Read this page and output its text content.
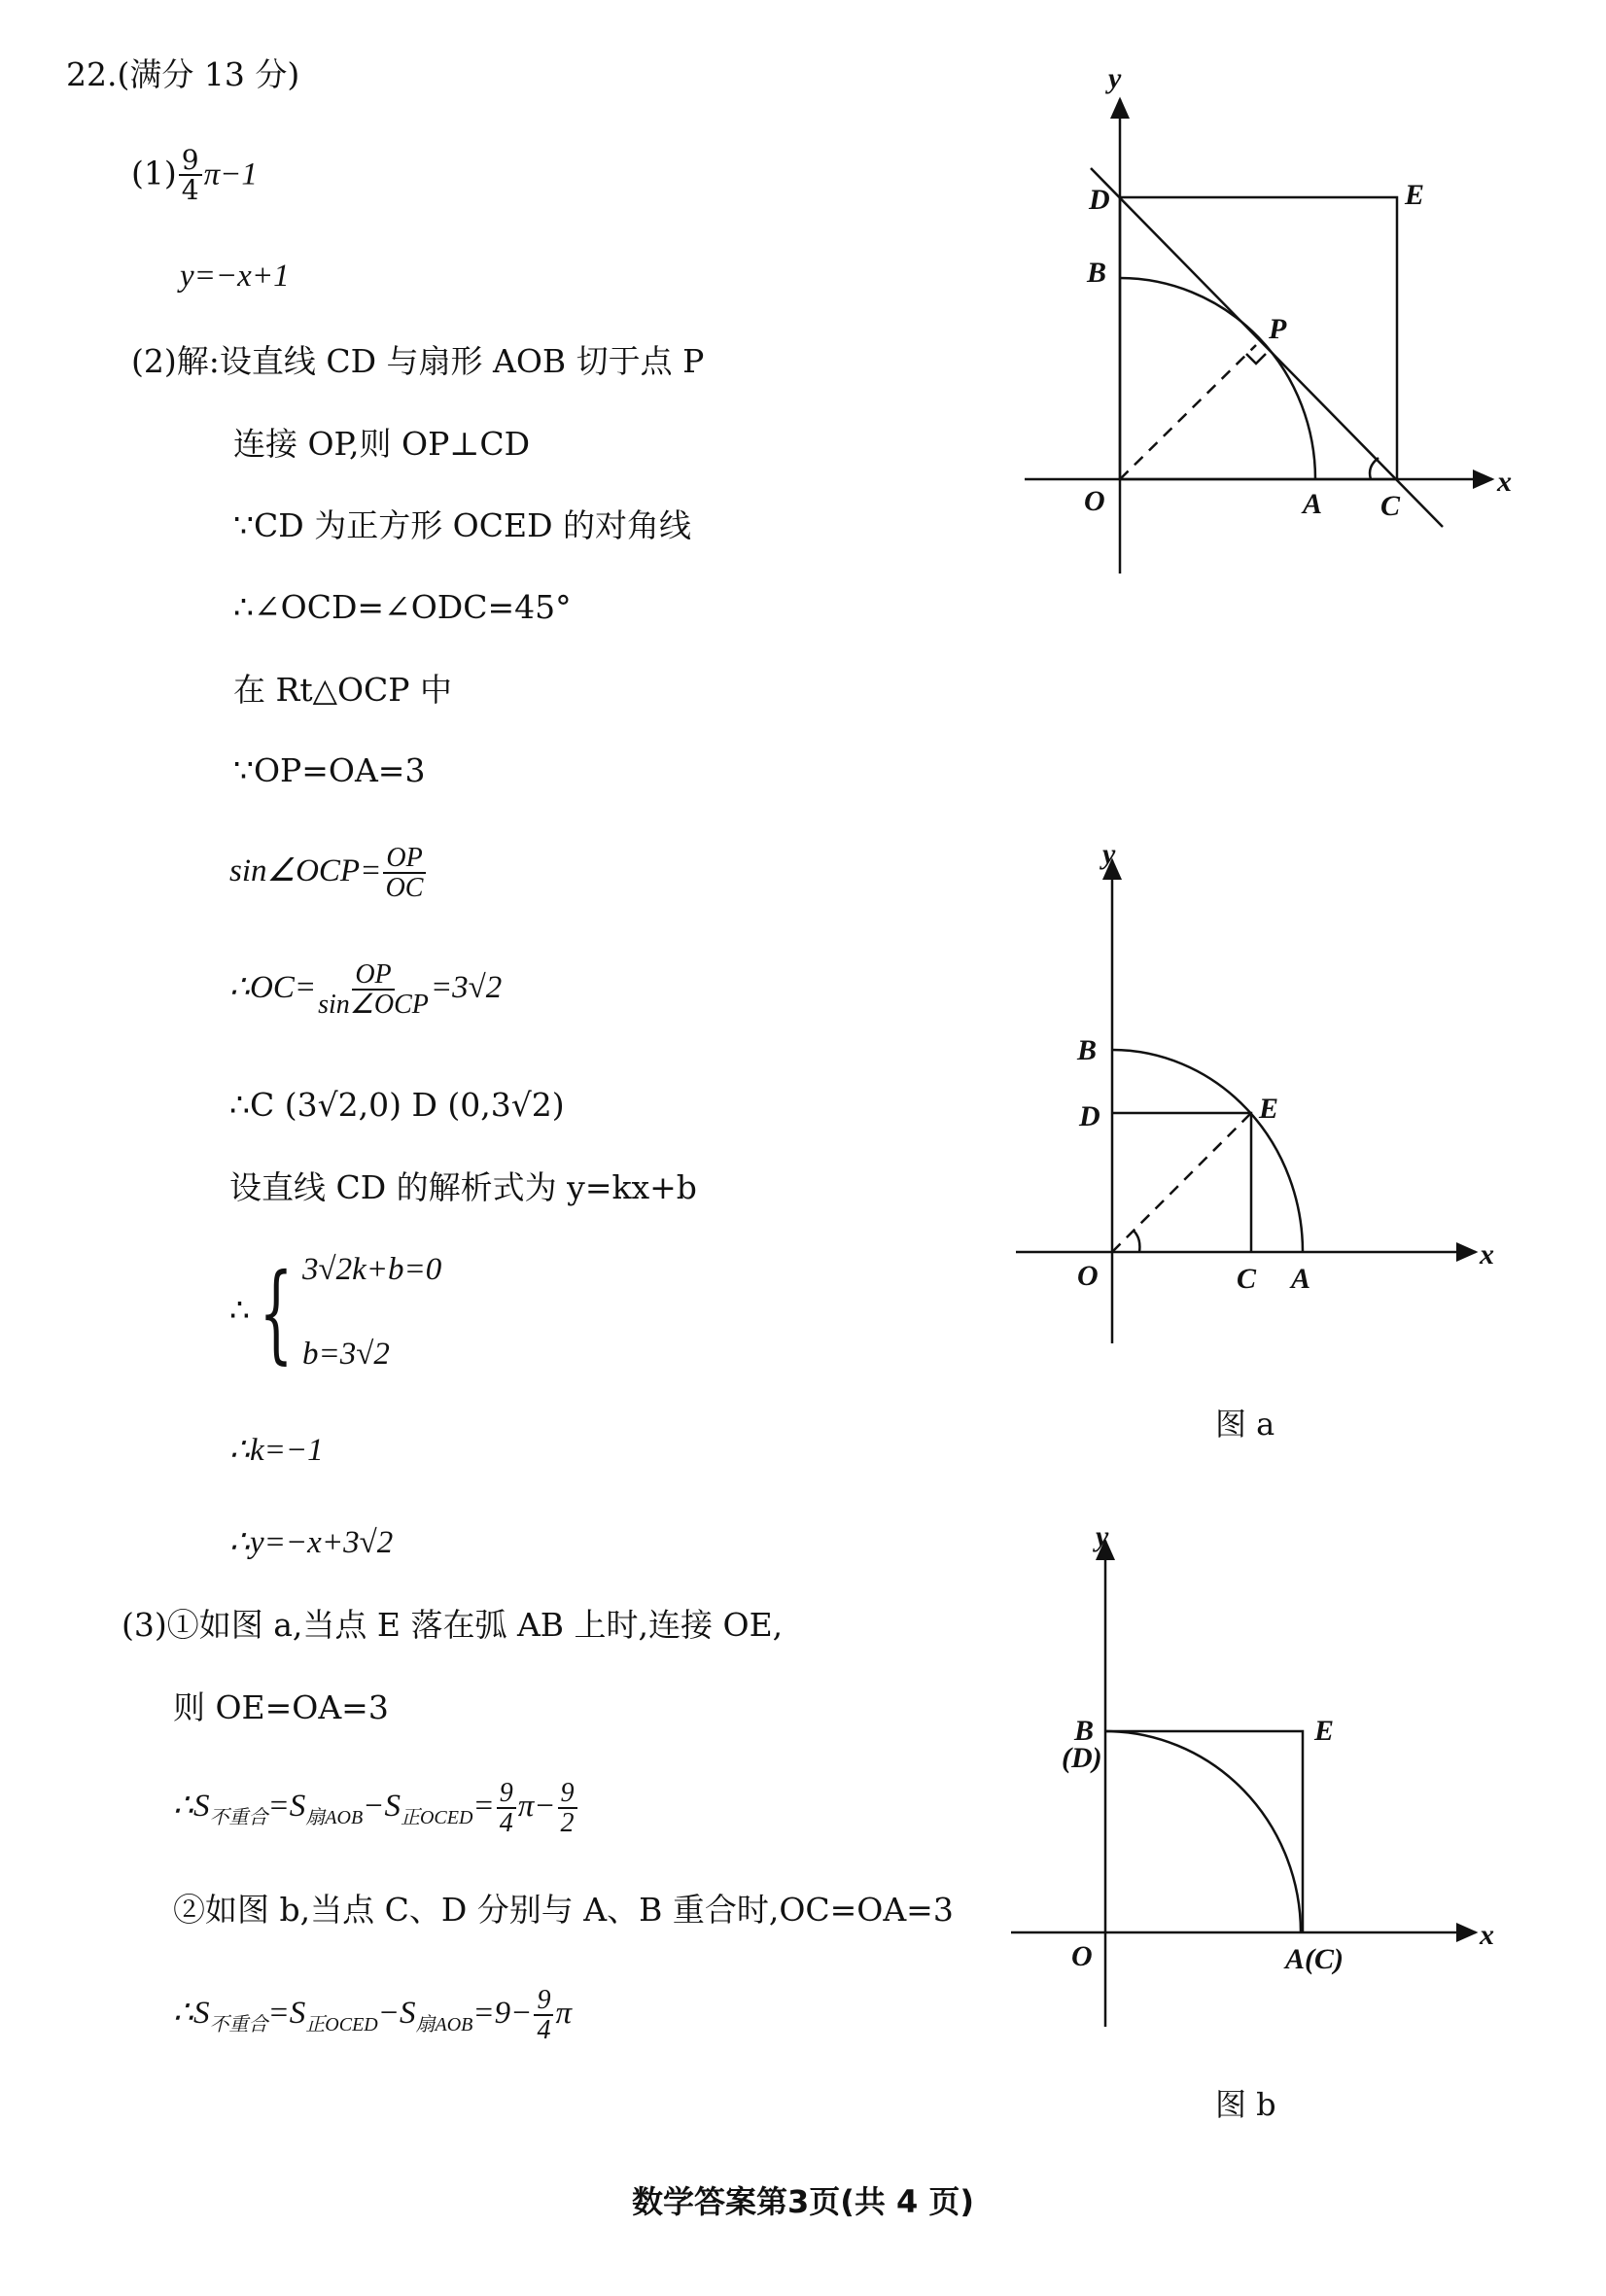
22.(满分 13 分)
$(1) \frac{9}{4} \pi-1$
y=−x+1
(2)解:设直线 CD 与扇形 AOB 切于点 P
连接 OP,则 OP⊥CD
∵CD 为正方形 OCED 的对角线
∴∠OCD=∠ODC=45°
在 Rt△OCP 中
∵OP=OA=3
sin∠OCP= $\frac{OP}{OC}$
∴OC= $\frac{OP}{\text{sin∠OCP}} =3√2$
∴C (3√2,0) D (0,3√2)
设直线 CD 的解析式为 y=kx+b
∴{ 3√2k+b=0
b=3√2
∴k=−1
∴y=−x+3√2
(3)①如图 a,当点 E 落在弧 AB 上时,连接 OE,
则 OE=OA=3
$\therefore S_{不重合}=S_{扇AOB}-S_{正OCED}= \frac{9}{4} \pi- \frac{9}{2}$
②如图 b,当点 C、D 分别与 A、B 重合时,OC=OA=3
$\therefore S_{不重合}=S_{正OCED}-S_{扇AOB}=9- \frac{9}{4}$ π
y
x
D	E
B
P
O	A C
y
x
B
D	E
O	C A
y
x
B
(D)
E
O	A(C)
图 a
图 b
数学答案第3页(共 4 页)
